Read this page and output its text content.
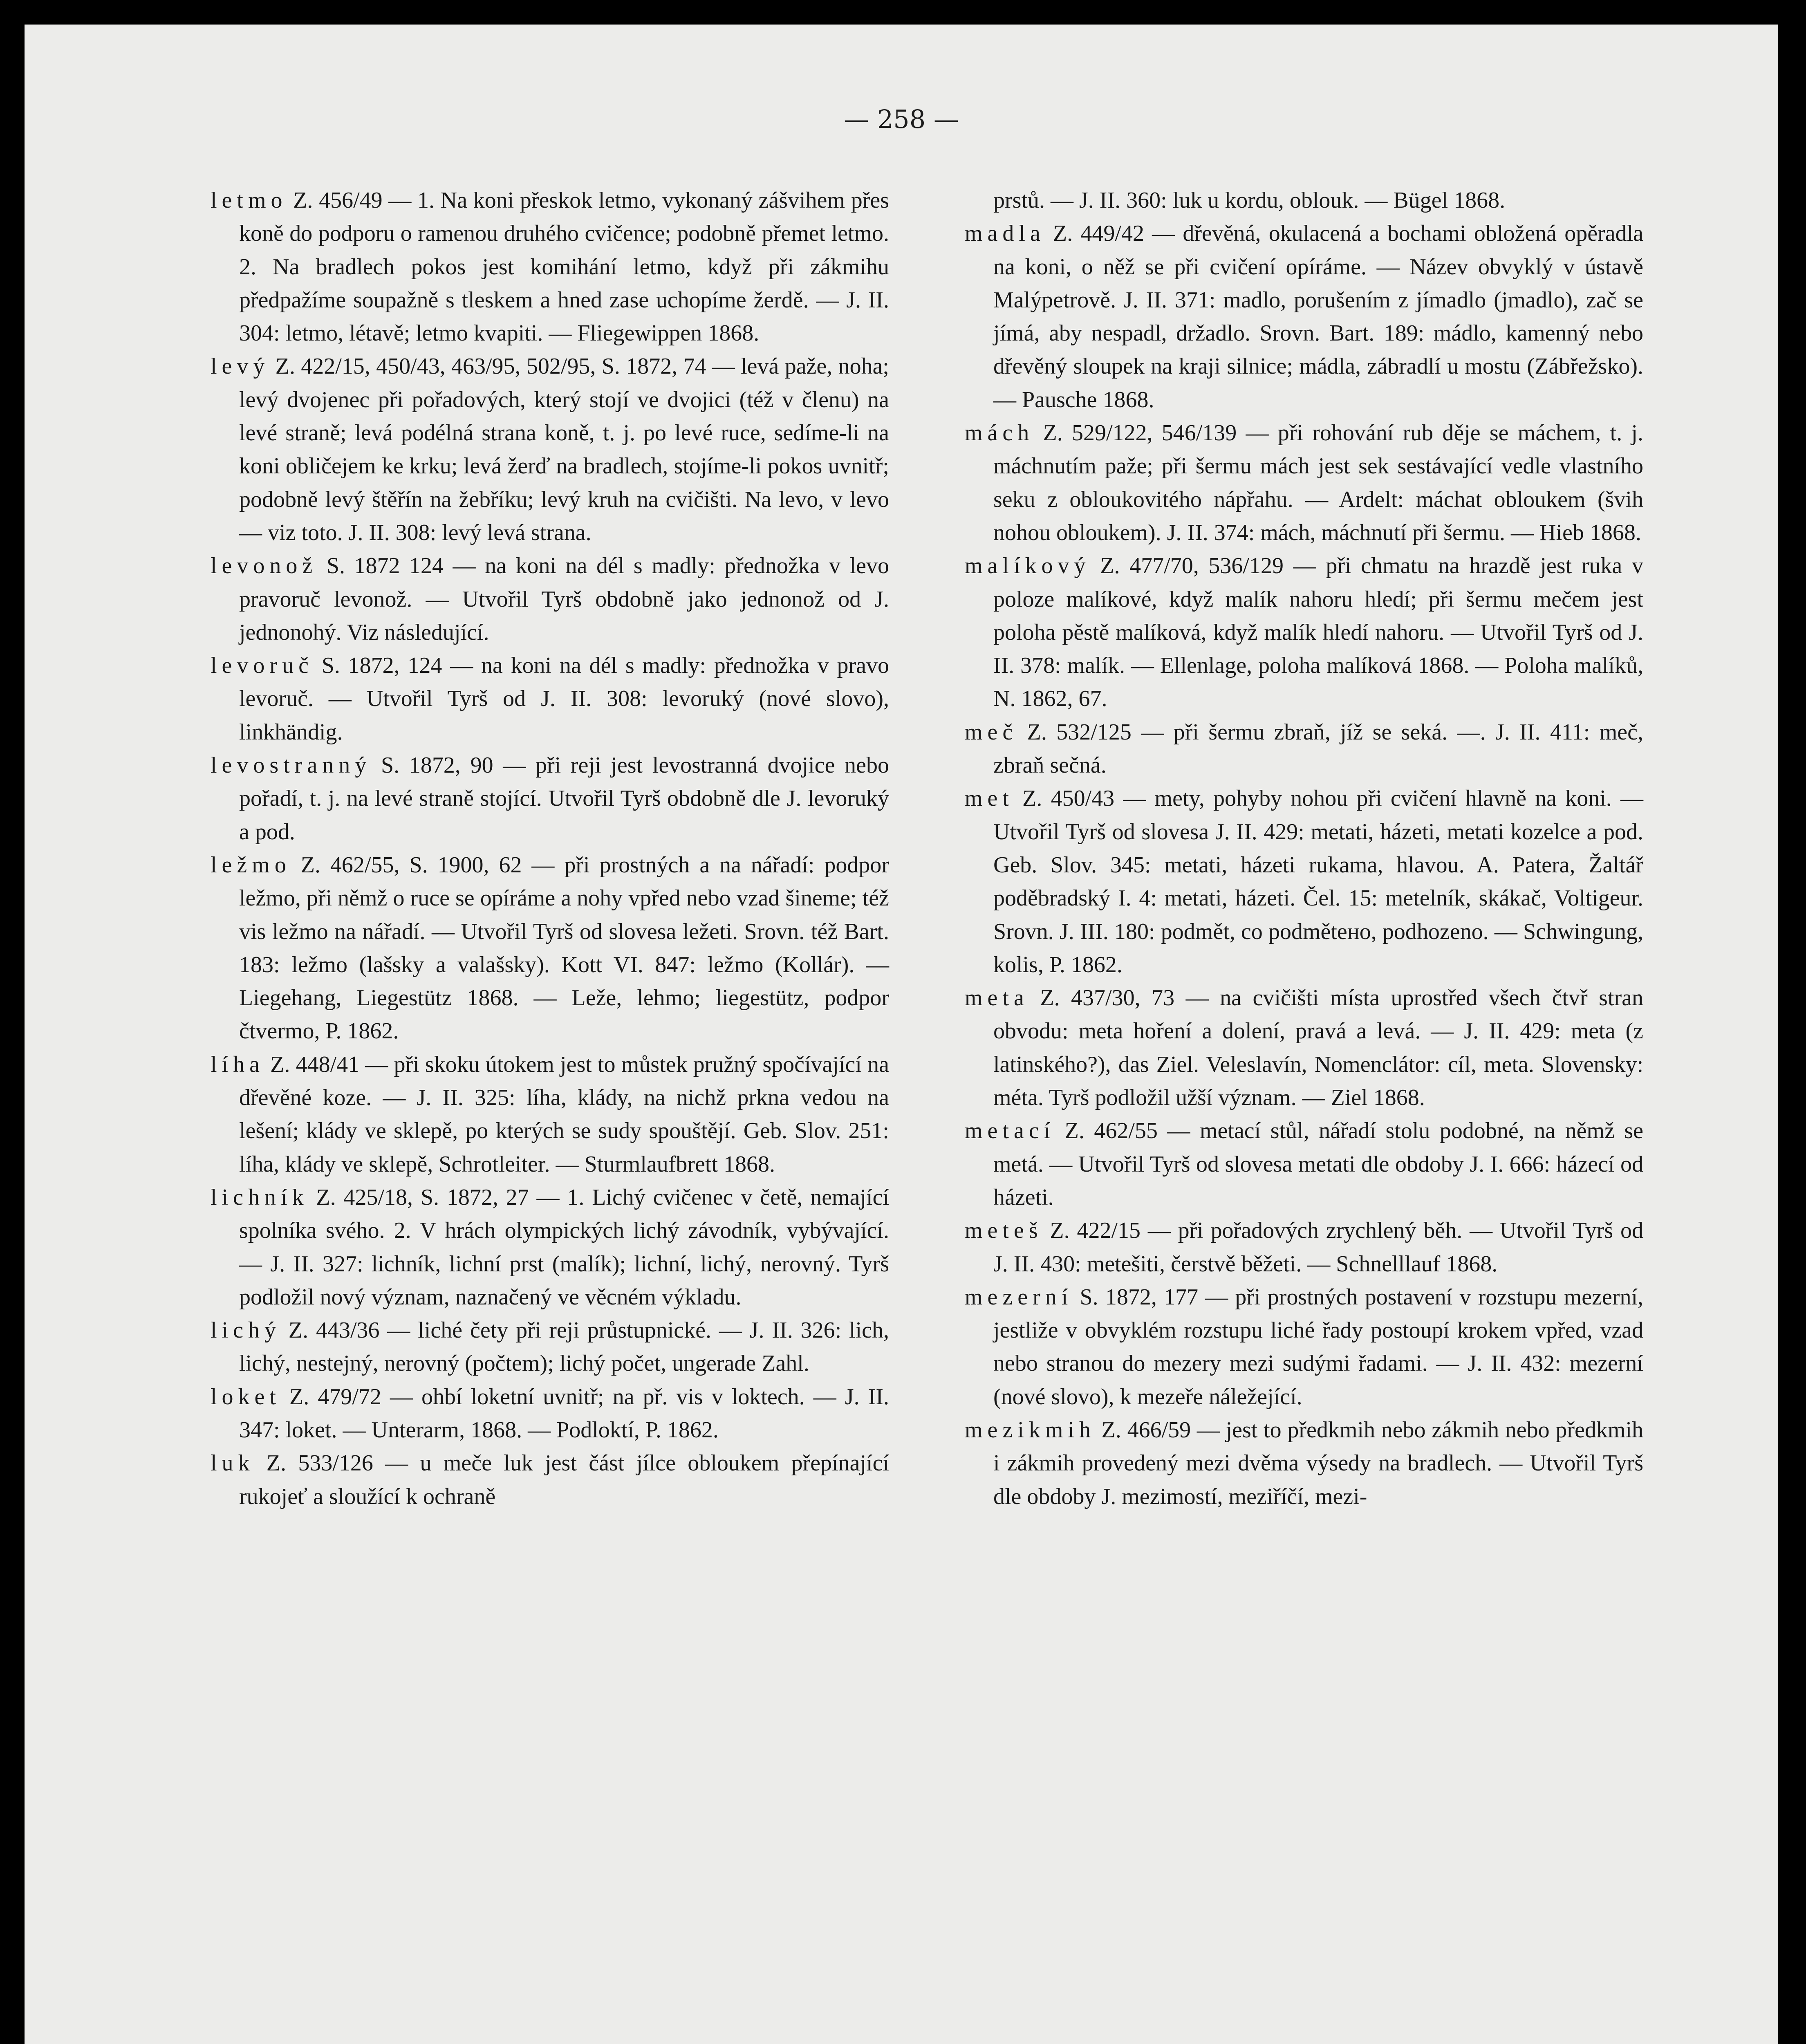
— 258 —

letmo Z. 456/49 — 1. Na koni přeskok letmo, vykonaný zášvihem přes koně do podporu o ramenou druhého cvičence; podobně přemet letmo. 2. Na bradlech pokos jest komihání letmo, když při zákmihu předpažíme soupažně s tleskem a hned zase uchopíme žerdě. — J. II. 304: letmo, létavě; letmo kvapiti. — Fliegewippen 1868.

levý Z. 422/15, 450/43, 463/95, 502/95, S. 1872, 74 — levá paže, noha; levý dvojenec při pořadových, který stojí ve dvojici (též v členu) na levé straně; levá podélná strana koně, t. j. po levé ruce, sedíme-li na koni obličejem ke krku; levá žerď na bradlech, stojíme-li pokos uvnitř; podobně levý štěřín na žebříku; levý kruh na cvičišti. Na levo, v levo — viz toto. J. II. 308: levý levá strana.

levonož S. 1872 124 — na koni na dél s madly: přednožka v levo pravoruč levonož. — Utvořil Tyrš obdobně jako jednonož od J. jednonohý. Viz následující.

levoruč S. 1872, 124 — na koni na dél s madly: přednožka v pravo levoruč. — Utvořil Tyrš od J. II. 308: levoruký (nové slovo), linkhändig.

levostranný S. 1872, 90 — při reji jest levostranná dvojice nebo pořadí, t. j. na levé straně stojící. Utvořil Tyrš obdobně dle J. levoruký a pod.

ležmo Z. 462/55, S. 1900, 62 — při prostných a na nářadí: podpor ležmo, při němž o ruce se opíráme a nohy vpřed nebo vzad šineme; též vis ležmo na nářadí. — Utvořil Tyrš od slovesa ležeti. Srovn. též Bart. 183: ležmo (lašsky a valašsky). Kott VI. 847: ležmo (Kollár). — Liegehang, Liegestütz 1868. — Leže, lehmo; liegestütz, podpor čtvermo, P. 1862.

líha Z. 448/41 — při skoku útokem jest to můstek pružný spočívající na dřevěné koze. — J. II. 325: líha, klády, na nichž prkna vedou na lešení; klády ve sklepě, po kterých se sudy spouštějí. Geb. Slov. 251: líha, klády ve sklepě, Schrotleiter. — Sturmlaufbrett 1868.

lichník Z. 425/18, S. 1872, 27 — 1. Lichý cvičenec v četě, nemající spolníka svého. 2. V hrách olympických lichý závodník, vybývající. — J. II. 327: lichník, lichní prst (malík); lichní, lichý, nerovný. Tyrš podložil nový význam, naznačený ve věcném výkladu.

lichý Z. 443/36 — liché čety při reji průstupnické. — J. II. 326: lich, lichý, nestejný, nerovný (počtem); lichý počet, ungerade Zahl.

loket Z. 479/72 — ohbí loketní uvnitř; na př. vis v loktech. — J. II. 347: loket. — Unterarm, 1868. — Podloktí, P. 1862.

luk Z. 533/126 — u meče luk jest část jílce obloukem přepínající rukojeť a sloužící k ochraně

prstů. — J. II. 360: luk u kordu, oblouk. — Bügel 1868.

madla Z. 449/42 — dřevěná, okulacená a bochami obložená opěradla na koni, o něž se při cvičení opíráme. — Název obvyklý v ústavě Malýpetrově. J. II. 371: madlo, porušením z jímadlo (jmadlo), zač se jímá, aby nespadl, držadlo. Srovn. Bart. 189: mádlo, kamenný nebo dřevěný sloupek na kraji silnice; mádla, zábradlí u mostu (Zábřežsko). — Pausche 1868.

mách Z. 529/122, 546/139 — při rohování rub děje se máchem, t. j. máchnutím paže; při šermu mách jest sek sestávající vedle vlastního seku z obloukovitého nápřahu. — Ardelt: máchat obloukem (švih nohou obloukem). J. II. 374: mách, máchnutí při šermu. — Hieb 1868.

malíkový Z. 477/70, 536/129 — při chmatu na hrazdě jest ruka v poloze malíkové, když malík nahoru hledí; při šermu mečem jest poloha pěstě malíková, když malík hledí nahoru. — Utvořil Tyrš od J. II. 378: malík. — Ellenlage, poloha malíková 1868. — Poloha malíků, N. 1862, 67.

meč Z. 532/125 — při šermu zbraň, jíž se seká. —. J. II. 411: meč, zbraň sečná.

met Z. 450/43 — mety, pohyby nohou při cvičení hlavně na koni. — Utvořil Tyrš od slovesa J. II. 429: metati, házeti, metati kozelce a pod. Geb. Slov. 345: metati, házeti rukama, hlavou. A. Patera, Žaltář poděbradský I. 4: metati, házeti. Čel. 15: metelník, skákač, Voltigeur. Srovn. J. III. 180: podmět, co podmětено, podhozeno. — Schwingung, kolis, P. 1862.

meta Z. 437/30, 73 — na cvičišti místa uprostřed všech čtvř stran obvodu: meta hoření a dolení, pravá a levá. — J. II. 429: meta (z latinského?), das Ziel. Veleslavín, Nomenclátor: cíl, meta. Slovensky: méta. Tyrš podložil užší význam. — Ziel 1868.

metací Z. 462/55 — metací stůl, nářadí stolu podobné, na němž se metá. — Utvořil Tyrš od slovesa metati dle obdoby J. I. 666: házecí od házeti.

meteš Z. 422/15 — při pořadových zrychlený běh. — Utvořil Tyrš od J. II. 430: metešiti, čerstvě běžeti. — Schnelllauf 1868.

mezerní S. 1872, 177 — při prostných postavení v rozstupu mezerní, jestliže v obvyklém rozstupu liché řady postoupí krokem vpřed, vzad nebo stranou do mezery mezi sudými řadami. — J. II. 432: mezerní (nové slovo), k mezeře náležející.

mezikmih Z. 466/59 — jest to předkmih nebo zákmih nebo předkmih i zákmih provedený mezi dvěma výsedy na bradlech. — Utvořil Tyrš dle obdoby J. mezimostí, meziříčí, mezi-
